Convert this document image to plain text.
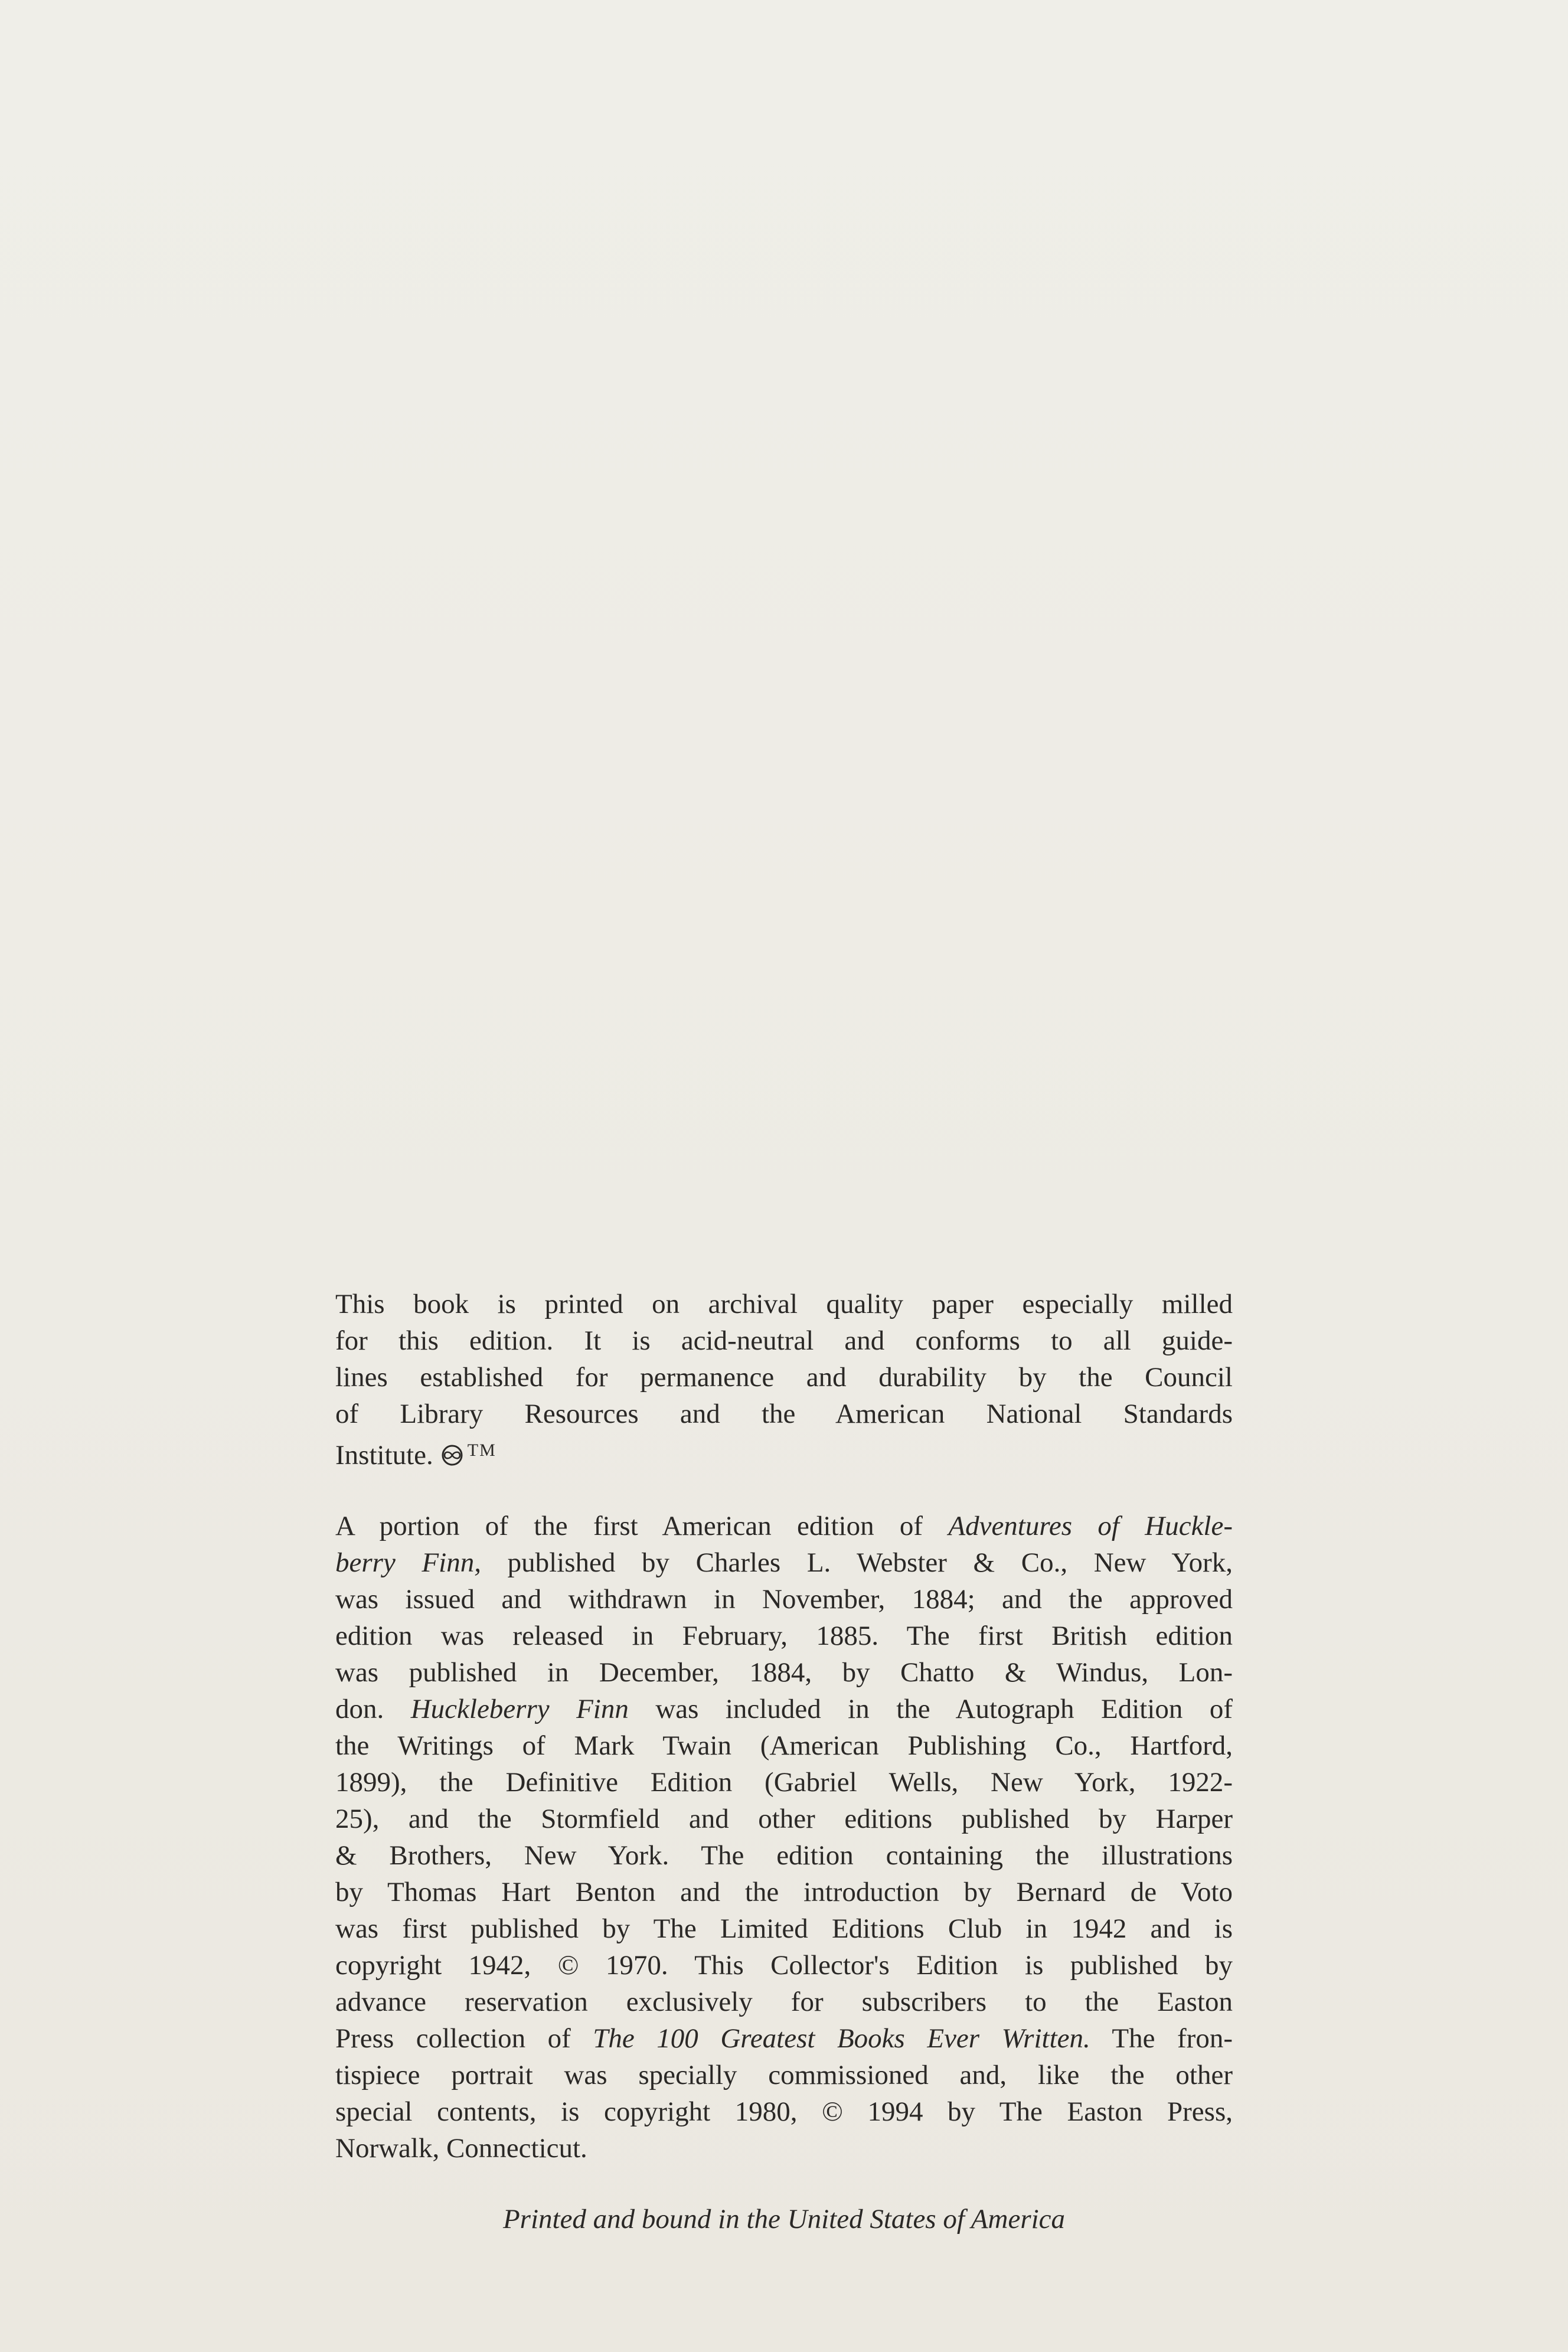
This book is printed on archival quality paper especially milled
for this edition. It is acid-neutral and conforms to all guide-
lines established for permanence and durability by the Council
of Library Resources and the American National Standards
Institute. ™

A portion of the first American edition of Adventures of Huckle-
berry Finn, published by Charles L. Webster & Co., New York,
was issued and withdrawn in November, 1884; and the approved
edition was released in February, 1885. The first British edition
was published in December, 1884, by Chatto & Windus, Lon-
don. Huckleberry Finn was included in the Autograph Edition of
the Writings of Mark Twain (American Publishing Co., Hartford,
1899), the Definitive Edition (Gabriel Wells, New York, 1922-
25), and the Stormfield and other editions published by Harper
& Brothers, New York. The edition containing the illustrations
by Thomas Hart Benton and the introduction by Bernard de Voto
was first published by The Limited Editions Club in 1942 and is
copyright 1942, © 1970. This Collector's Edition is published by
advance reservation exclusively for subscribers to the Easton
Press collection of The 100 Greatest Books Ever Written. The fron-
tispiece portrait was specially commissioned and, like the other
special contents, is copyright 1980, © 1994 by The Easton Press,
Norwalk, Connecticut.

Printed and bound in the United States of America
